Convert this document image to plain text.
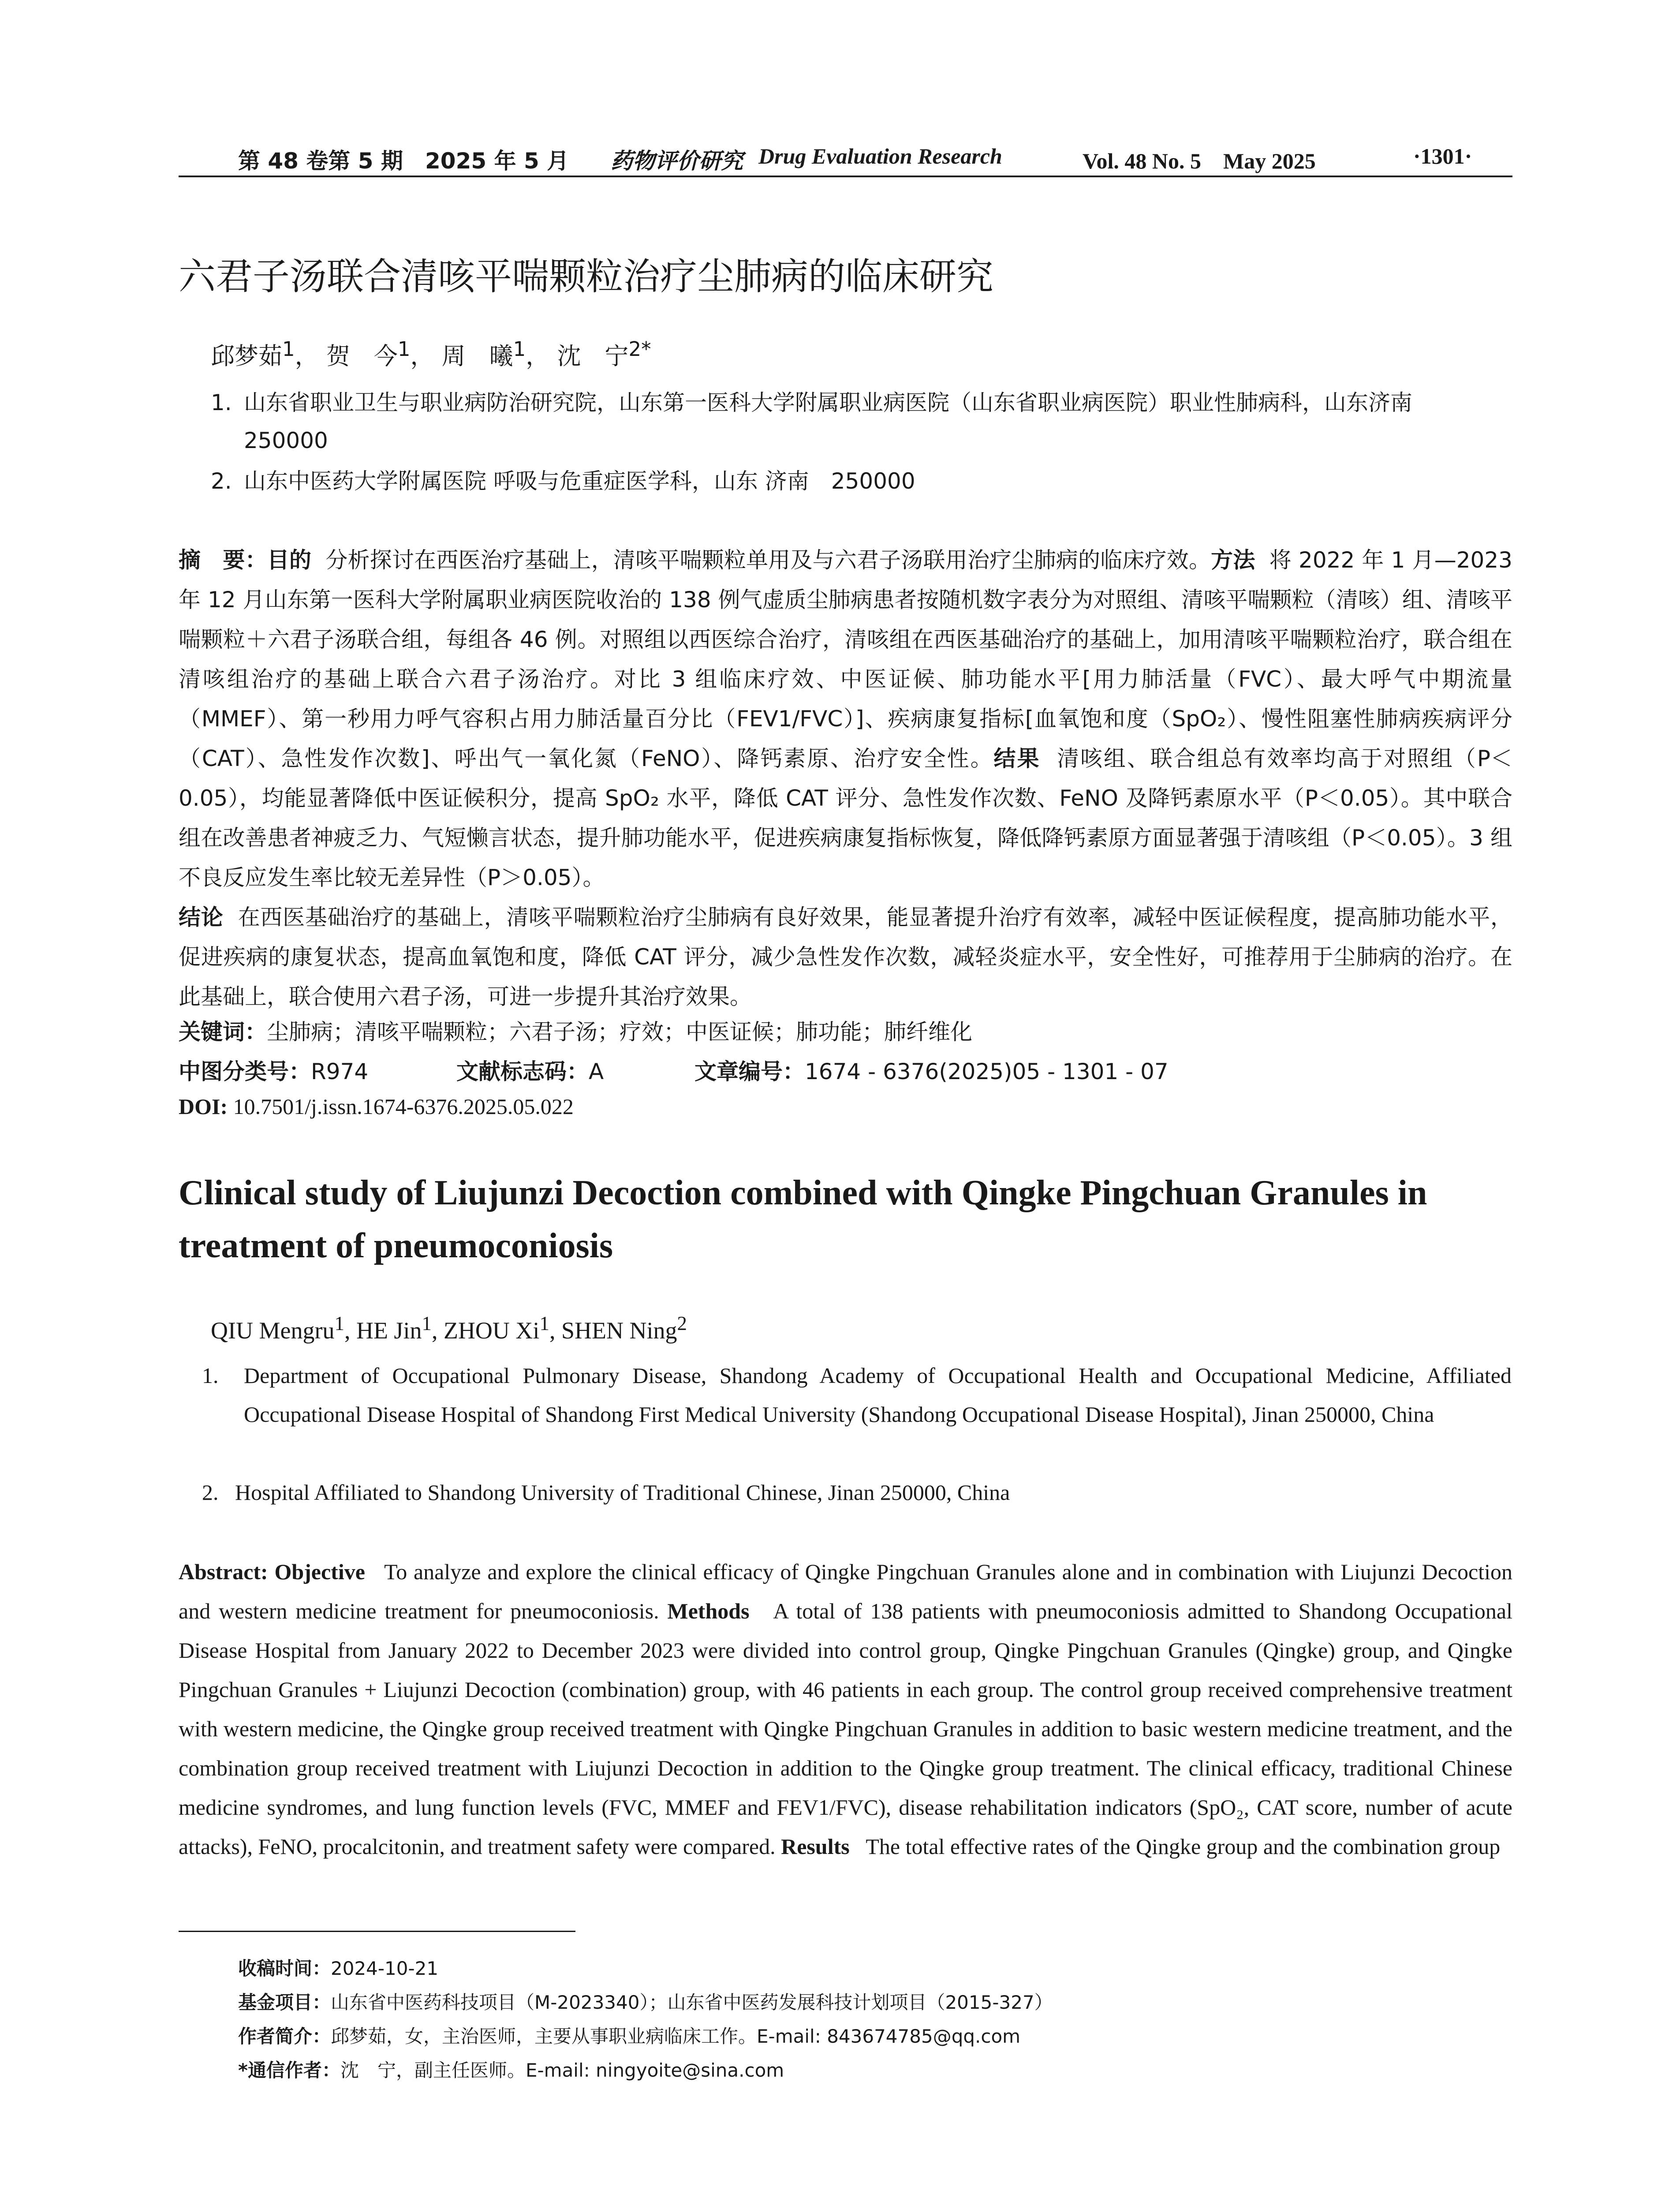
第 48 卷第 5 期　2025 年 5 月 药物评价研究 Drug Evaluation Research	Vol. 48 No. 5　May 2025	·1301·
六君子汤联合清咳平喘颗粒治疗尘肺病的临床研究
邱梦茹$^1$， 贺　今$^1$， 周　曦$^1$， 沈　宁$^{2*}$
1. 山东省职业卫生与职业病防治研究院，山东第一医科大学附属职业病医院（山东省职业病医院）职业性肺病科，山东济南　250000
2. 山东中医药大学附属医院 呼吸与危重症医学科，山东 济南　250000
摘　要：目的 分析探讨在西医治疗基础上，清咳平喘颗粒单用及与六君子汤联用治疗尘肺病的临床疗效。方法 将 2022 年 1 月—2023 年 12 月山东第一医科大学附属职业病医院收治的 138 例气虚质尘肺病患者按随机数字表分为对照组、清咳平喘颗粒（清咳）组、清咳平喘颗粒＋六君子汤联合组，每组各 46 例。对照组以西医综合治疗，清咳组在西医基础治疗的基础上，加用清咳平喘颗粒治疗，联合组在清咳组治疗的基础上联合六君子汤治疗。对比 3 组临床疗效、中医证候、肺功能水平[用力肺活量（FVC）、最大呼气中期流量（MMEF）、第一秒用力呼气容积占用力肺活量百分比（FEV1/FVC）]、疾病康复指标[血氧饱和度（SpO₂）、慢性阻塞性肺病疾病评分（CAT）、急性发作次数]、呼出气一氧化氮（FeNO）、降钙素原、治疗安全性。结果 清咳组、联合组总有效率均高于对照组（P＜0.05），均能显著降低中医证候积分，提高 SpO₂ 水平，降低 CAT 评分、急性发作次数、FeNO 及降钙素原水平（P＜0.05）。其中联合组在改善患者神疲乏力、气短懒言状态，提升肺功能水平，促进疾病康复指标恢复，降低降钙素原方面显著强于清咳组（P＜0.05）。3 组不良反应发生率比较无差异性（P＞0.05）。
结论 在西医基础治疗的基础上，清咳平喘颗粒治疗尘肺病有良好效果，能显著提升治疗有效率，减轻中医证候程度，提高肺功能水平，促进疾病的康复状态，提高血氧饱和度，降低 CAT 评分，减少急性发作次数，减轻炎症水平，安全性好，可推荐用于尘肺病的治疗。在此基础上，联合使用六君子汤，可进一步提升其治疗效果。
关键词：尘肺病；清咳平喘颗粒；六君子汤；疗效；中医证候；肺功能；肺纤维化
中图分类号：R974	文献标志码：A	文章编号：1674 - 6376(2025)05 - 1301 - 07
DOI: 10.7501/j.issn.1674-6376.2025.05.022
Clinical study of Liujunzi Decoction combined with Qingke Pingchuan Granules in treatment of pneumoconiosis
QIU Mengru$^1$, HE Jin$^1$, ZHOU Xi$^1$, SHEN Ning$^2$
1. Department of Occupational Pulmonary Disease, Shandong Academy of Occupational Health and Occupational Medicine, Affiliated Occupational Disease Hospital of Shandong First Medical University (Shandong Occupational Disease Hospital), Jinan 250000, China
2. Hospital Affiliated to Shandong University of Traditional Chinese, Jinan 250000, China
Abstract: Objective To analyze and explore the clinical efficacy of Qingke Pingchuan Granules alone and in combination with Liujunzi Decoction and western medicine treatment for pneumoconiosis. Methods A total of 138 patients with pneumoconiosis admitted to Shandong Occupational Disease Hospital from January 2022 to December 2023 were divided into control group, Qingke Pingchuan Granules (Qingke) group, and Qingke Pingchuan Granules + Liujunzi Decoction (combination) group, with 46 patients in each group. The control group received comprehensive treatment with western medicine, the Qingke group received treatment with Qingke Pingchuan Granules in addition to basic western medicine treatment, and the combination group received treatment with Liujunzi Decoction in addition to the Qingke group treatment. The clinical efficacy, traditional Chinese medicine syndromes, and lung function levels (FVC, MMEF and FEV1/FVC), disease rehabilitation indicators (SpO₂, CAT score, number of acute attacks), FeNO, procalcitonin, and treatment safety were compared. Results The total effective rates of the Qingke group and the combination group
收稿时间：2024-10-21
基金项目：山东省中医药科技项目（M-2023340）；山东省中医药发展科技计划项目（2015-327）
作者简介：邱梦茹，女，主治医师，主要从事职业病临床工作。E-mail: 843674785@qq.com
*通信作者：沈　宁，副主任医师。E-mail: ningyoite@sina.com
